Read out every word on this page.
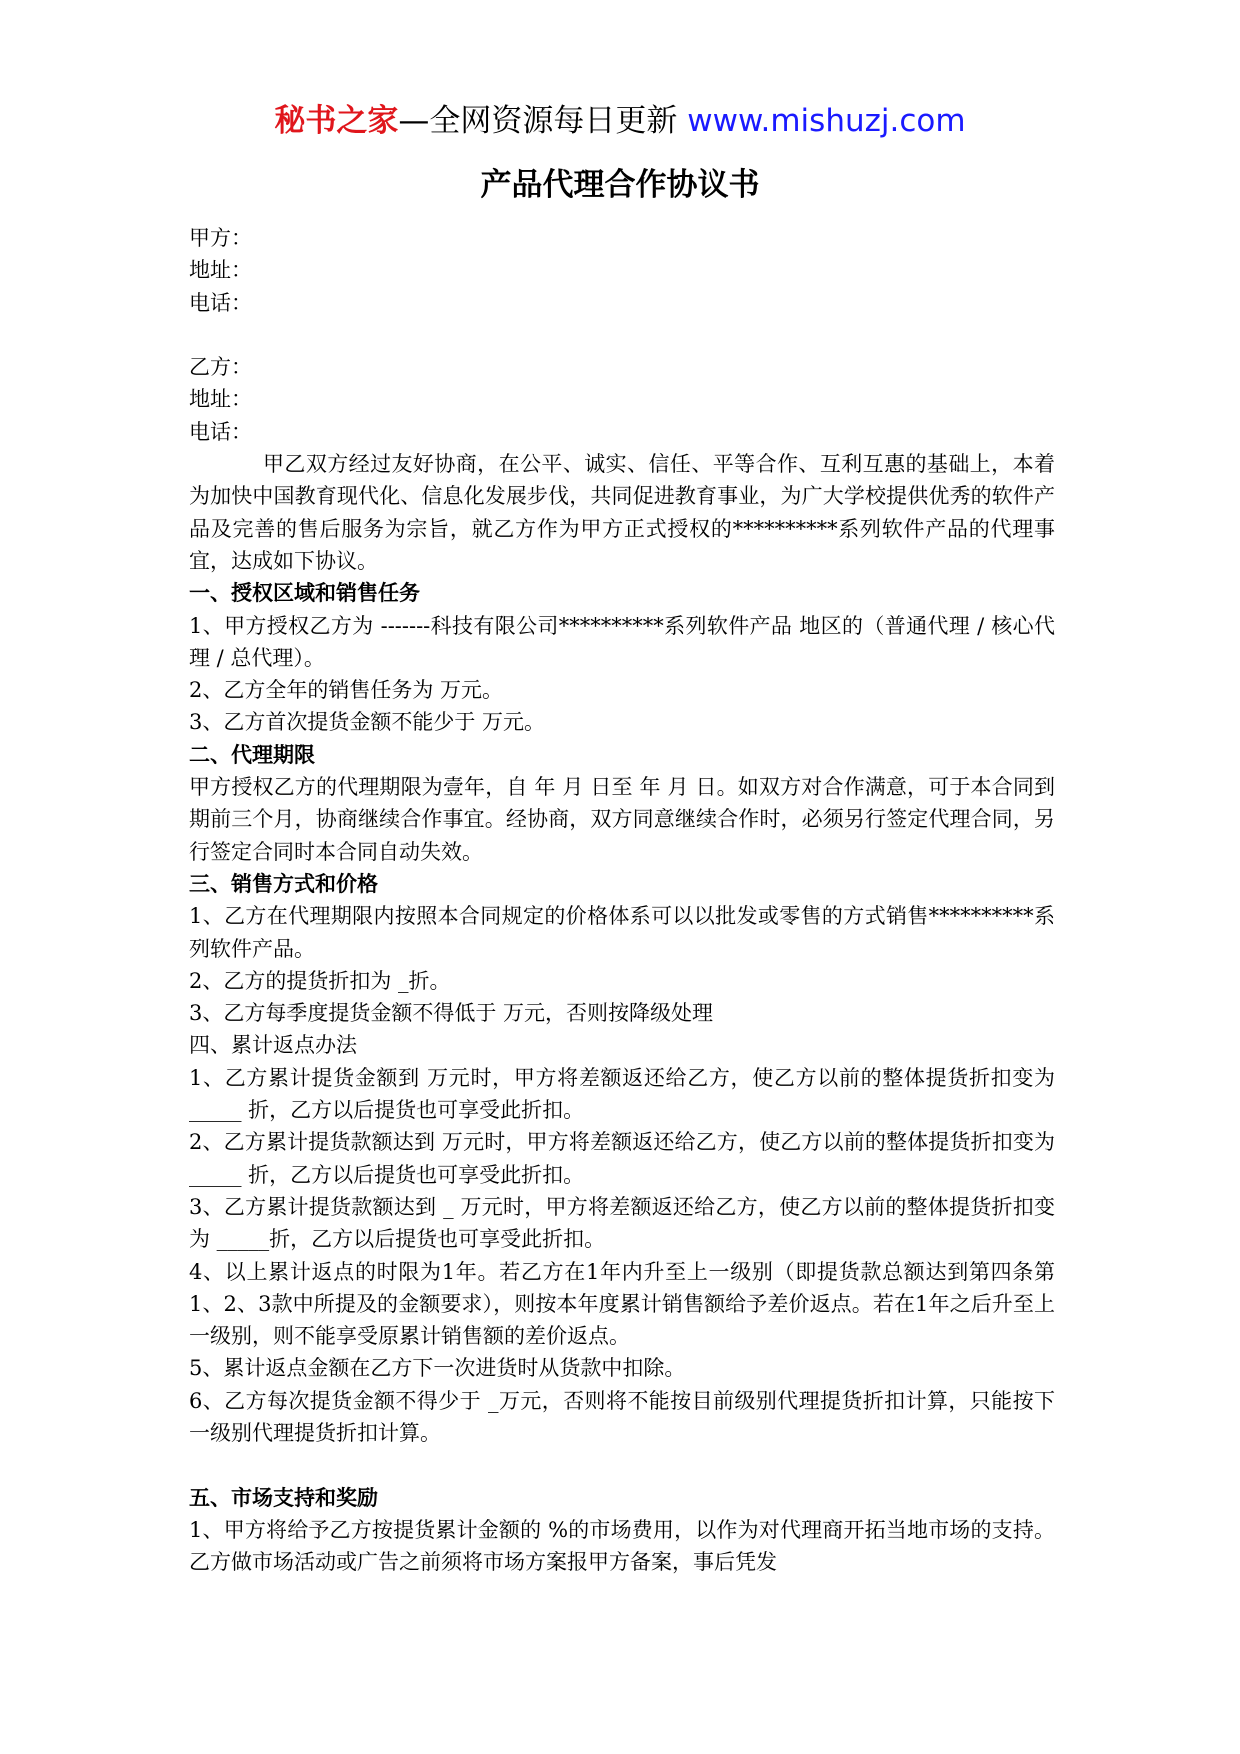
秘书之家—全网资源每日更新 www.mishuzj.com
产品代理合作协议书

甲方：

地址：

电话：

乙方：

地址：

电话：

甲乙双方经过友好协商，在公平、诚实、信任、平等合作、互利互惠的基础上，本着为加快中国教育现代化、信息化发展步伐，共同促进教育事业，为广大学校提供优秀的软件产品及完善的售后服务为宗旨，就乙方作为甲方正式授权的**********系列软件产品的代理事宜，达成如下协议。

一、授权区域和销售任务

1、甲方授权乙方为 -------科技有限公司**********系列软件产品 地区的（普通代理 / 核心代理 / 总代理）。

2、乙方全年的销售任务为 万元。

3、乙方首次提货金额不能少于 万元。

二、代理期限

甲方授权乙方的代理期限为壹年，自 年 月 日至 年 月 日。如双方对合作满意，可于本合同到期前三个月，协商继续合作事宜。经协商，双方同意继续合作时，必须另行签定代理合同，另行签定合同时本合同自动失效。

三、销售方式和价格

1、乙方在代理期限内按照本合同规定的价格体系可以以批发或零售的方式销售**********系列软件产品。

2、乙方的提货折扣为 _折。

3、乙方每季度提货金额不得低于 万元，否则按降级处理

四、累计返点办法

1、乙方累计提货金额到 万元时，甲方将差额返还给乙方，使乙方以前的整体提货折扣变为 _____ 折，乙方以后提货也可享受此折扣。

2、乙方累计提货款额达到 万元时，甲方将差额返还给乙方，使乙方以前的整体提货折扣变为 _____ 折，乙方以后提货也可享受此折扣。

3、乙方累计提货款额达到 _ 万元时，甲方将差额返还给乙方，使乙方以前的整体提货折扣变为 _____折，乙方以后提货也可享受此折扣。

4、以上累计返点的时限为1年。若乙方在1年内升至上一级别（即提货款总额达到第四条第1、2、3款中所提及的金额要求），则按本年度累计销售额给予差价返点。若在1年之后升至上一级别，则不能享受原累计销售额的差价返点。

5、累计返点金额在乙方下一次进货时从货款中扣除。

6、乙方每次提货金额不得少于 _万元，否则将不能按目前级别代理提货折扣计算，只能按下一级别代理提货折扣计算。

五、市场支持和奖励

1、甲方将给予乙方按提货累计金额的 %的市场费用，以作为对代理商开拓当地市场的支持。乙方做市场活动或广告之前须将市场方案报甲方备案，事后凭发
